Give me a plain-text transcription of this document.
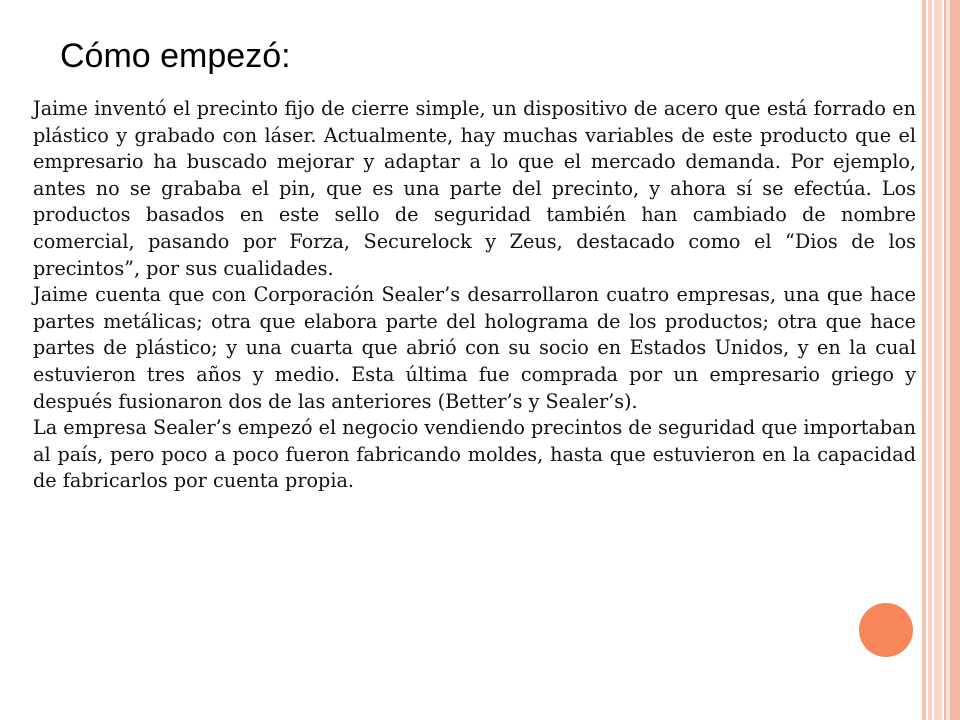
Cómo empezó:

Jaime inventó el precinto fijo de cierre simple, un dispositivo de acero que está forrado en plástico y grabado con láser. Actualmente, hay muchas variables de este producto que el empresario ha buscado mejorar y adaptar a lo que el mercado demanda. Por ejemplo, antes no se grababa el pin, que es una parte del precinto, y ahora sí se efectúa. Los productos basados en este sello de seguridad también han cambiado de nombre comercial, pasando por Forza, Securelock y Zeus, destacado como el “Dios de los precintos”, por sus cualidades.

Jaime cuenta que con Corporación Sealer’s desarrollaron cuatro empresas, una que hace partes metálicas; otra que elabora parte del holograma de los productos; otra que hace partes de plástico; y una cuarta que abrió con su socio en Estados Unidos, y en la cual estuvieron tres años y medio. Esta última fue comprada por un empresario griego y después fusionaron dos de las anteriores (Better’s y Sealer’s).

La empresa Sealer’s empezó el negocio vendiendo precintos de seguridad que importaban al país, pero poco a poco fueron fabricando moldes, hasta que estuvieron en la capacidad de fabricarlos por cuenta propia.
